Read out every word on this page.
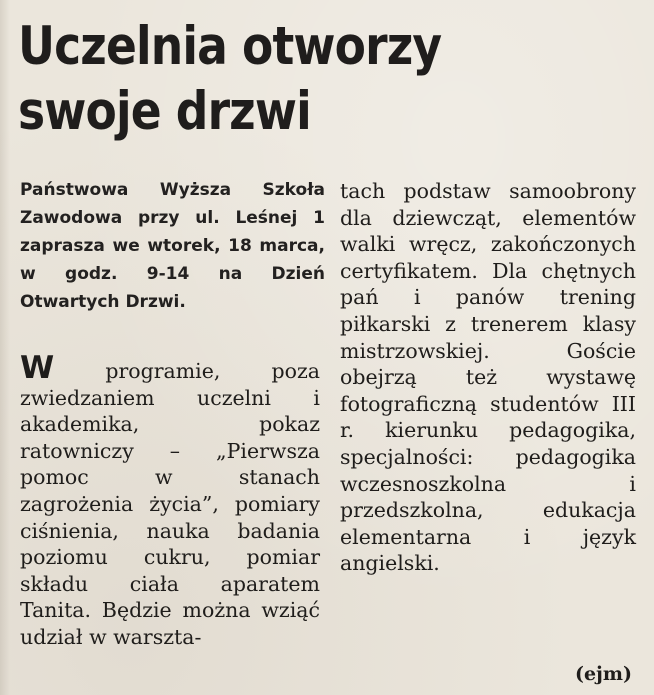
Uczelnia otworzy swoje drzwi

Państwowa Wyższa Szkoła Zawodowa przy ul. Leśnej 1 zaprasza we wtorek, 18 marca, w godz. 9-14 na Dzień Otwartych Drzwi.

W programie, poza zwiedzaniem uczelni i akademika, pokaz ratowniczy – „Pierwsza pomoc w stanach zagrożenia życia”, pomiary ciśnienia, nauka badania poziomu cukru, pomiar składu ciała aparatem Tanita. Będzie można wziąć udział w warszta-

tach podstaw samoobrony dla dziewcząt, elementów walki wręcz, zakończonych certyfikatem. Dla chętnych pań i panów trening piłkarski z trenerem klasy mistrzowskiej. Goście obejrzą też wystawę fotograficzną studentów III r. kierunku pedagogika, specjalności: pedagogika wczesnoszkolna i przedszkolna, edukacja elementarna i język angielski.

(ejm)
